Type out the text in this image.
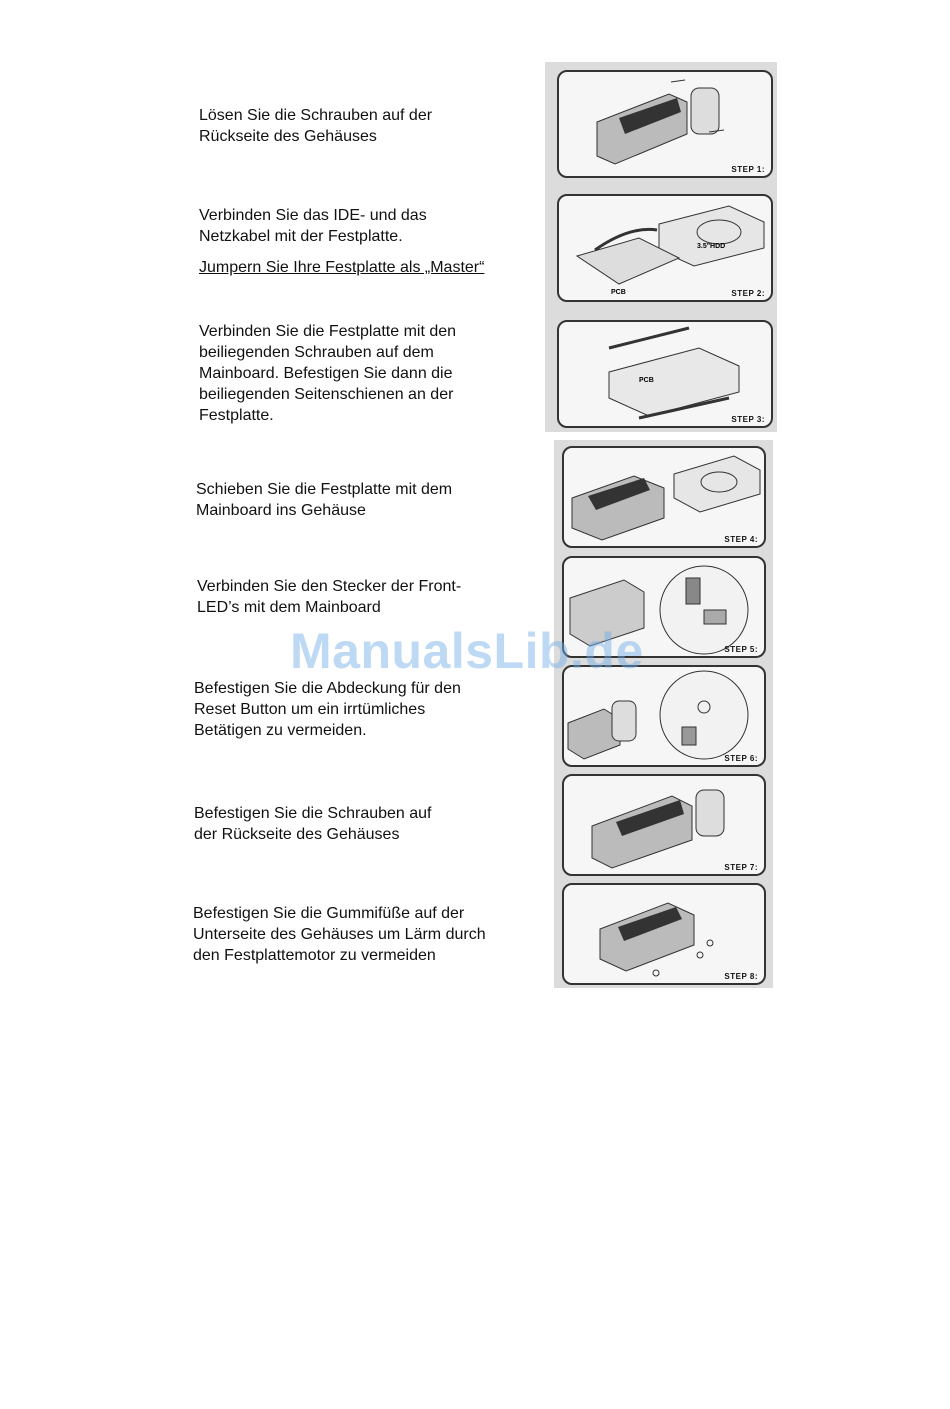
Lösen Sie die Schrauben auf der
Rückseite des Gehäuses
Verbinden Sie das IDE- und das
Netzkabel mit der Festplatte.
Jumpern Sie Ihre Festplatte als „Master“
Verbinden Sie die Festplatte mit den
beiliegenden Schrauben auf dem
Mainboard. Befestigen Sie dann die
beiliegenden Seitenschienen an der
Festplatte.
Schieben Sie die Festplatte mit dem
Mainboard ins Gehäuse
Verbinden Sie den Stecker der Front-
LED’s mit dem Mainboard
Befestigen Sie die Abdeckung für den
Reset Button um ein irrtümliches
Betätigen zu vermeiden.
Befestigen Sie die Schrauben auf
der Rückseite des Gehäuses
Befestigen Sie die Gummifüße auf der
Unterseite des Gehäuses um Lärm durch
den Festplattemotor zu vermeiden
STEP 1:
PCB
3.5"HDD
STEP 2:
PCB
STEP 3:
STEP 4:
STEP 5:
STEP 6:
STEP 7:
STEP 8:
ManualsLib.de
